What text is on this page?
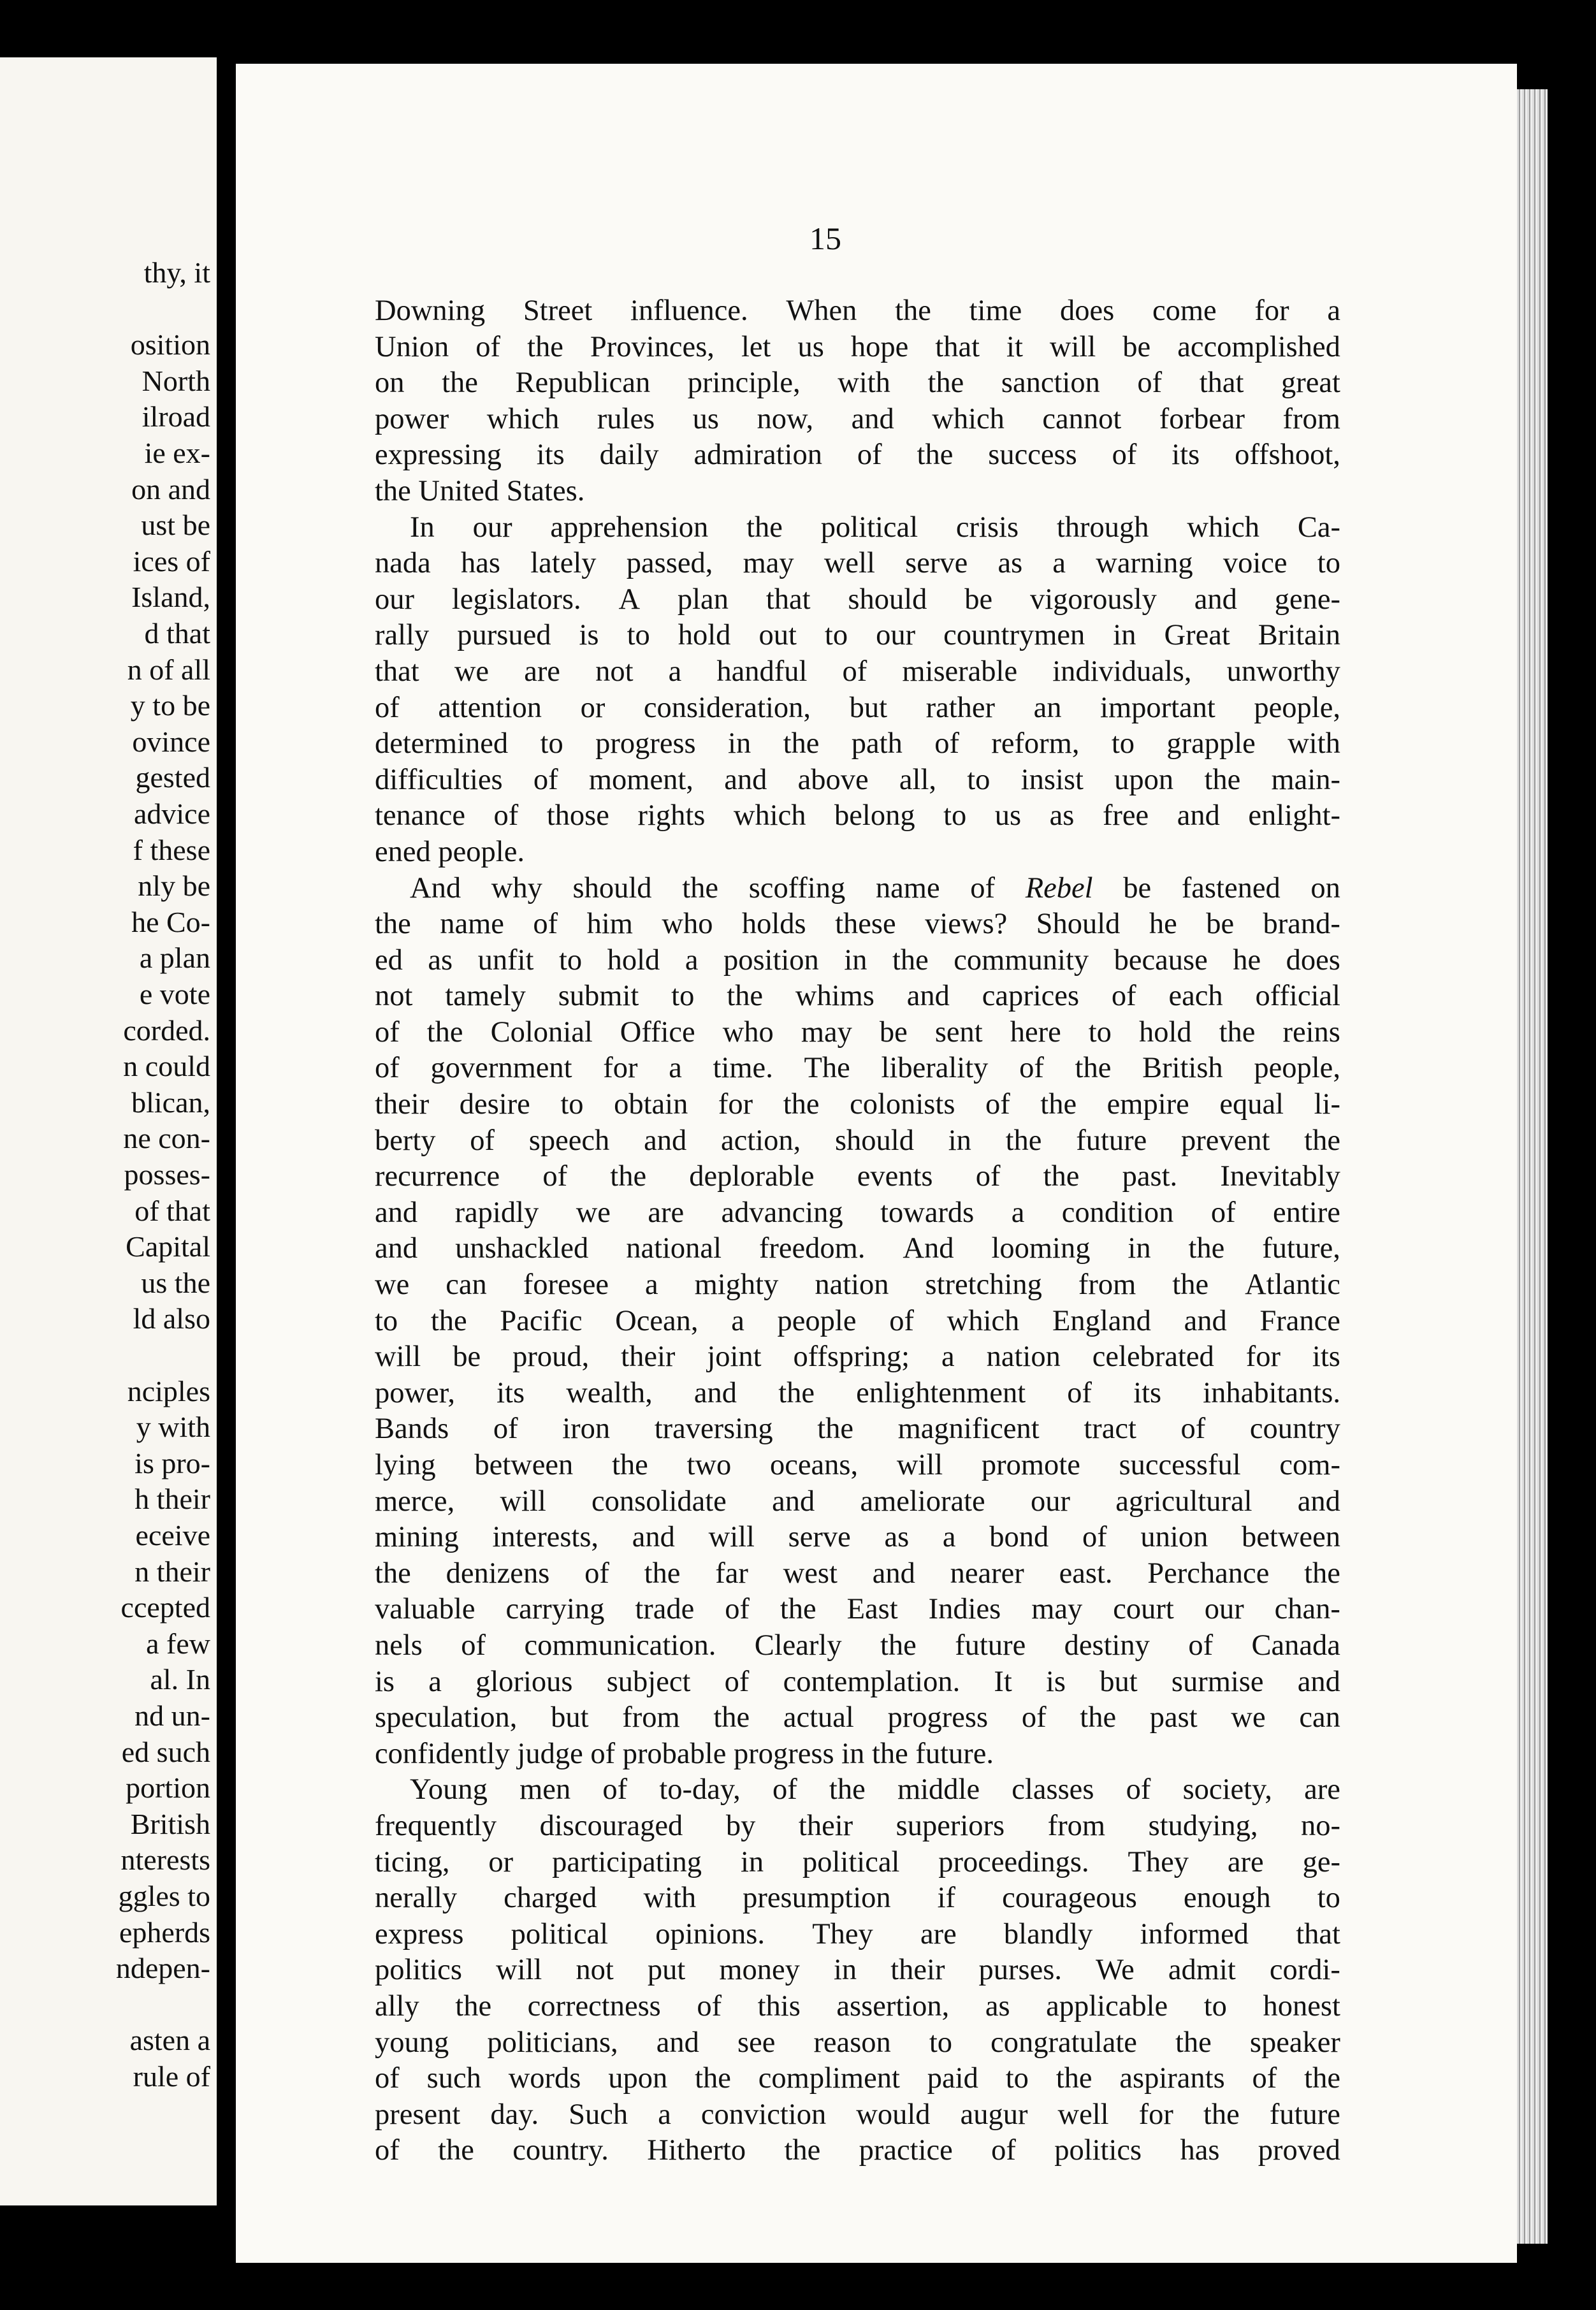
thy, it
osition
North
ilroad
ie ex-
on and
ust be
ices of
Island,
d that
n of all
y to be
ovince
gested
advice
f these
nly be
he Co-
a plan
e vote
corded.
n could
blican,
ne con-
posses-
of that
Capital
us the
ld also
nciples
y with
is pro-
h their
eceive
n their
ccepted
a few
al. In
nd un-
ed such
portion
British
nterests
ggles to
epherds
ndepen-
asten a
rule of
15
Downing Street influence. When the time does come for a
Union of the Provinces, let us hope that it will be accomplished
on the Republican principle, with the sanction of that great
power which rules us now, and which cannot forbear from
expressing its daily admiration of the success of its offshoot,
the United States.
In our apprehension the political crisis through which Ca-
nada has lately passed, may well serve as a warning voice to
our legislators. A plan that should be vigorously and gene-
rally pursued is to hold out to our countrymen in Great Britain
that we are not a handful of miserable individuals, unworthy
of attention or consideration, but rather an important people,
determined to progress in the path of reform, to grapple with
difficulties of moment, and above all, to insist upon the main-
tenance of those rights which belong to us as free and enlight-
ened people.
And why should the scoffing name of Rebel be fastened on
the name of him who holds these views? Should he be brand-
ed as unfit to hold a position in the community because he does
not tamely submit to the whims and caprices of each official
of the Colonial Office who may be sent here to hold the reins
of government for a time. The liberality of the British people,
their desire to obtain for the colonists of the empire equal li-
berty of speech and action, should in the future prevent the
recurrence of the deplorable events of the past. Inevitably
and rapidly we are advancing towards a condition of entire
and unshackled national freedom. And looming in the future,
we can foresee a mighty nation stretching from the Atlantic
to the Pacific Ocean, a people of which England and France
will be proud, their joint offspring; a nation celebrated for its
power, its wealth, and the enlightenment of its inhabitants.
Bands of iron traversing the magnificent tract of country
lying between the two oceans, will promote successful com-
merce, will consolidate and ameliorate our agricultural and
mining interests, and will serve as a bond of union between
the denizens of the far west and nearer east. Perchance the
valuable carrying trade of the East Indies may court our chan-
nels of communication. Clearly the future destiny of Canada
is a glorious subject of contemplation. It is but surmise and
speculation, but from the actual progress of the past we can
confidently judge of probable progress in the future.
Young men of to-day, of the middle classes of society, are
frequently discouraged by their superiors from studying, no-
ticing, or participating in political proceedings. They are ge-
nerally charged with presumption if courageous enough to
express political opinions. They are blandly informed that
politics will not put money in their purses. We admit cordi-
ally the correctness of this assertion, as applicable to honest
young politicians, and see reason to congratulate the speaker
of such words upon the compliment paid to the aspirants of the
present day. Such a conviction would augur well for the future
of the country. Hitherto the practice of politics has proved
